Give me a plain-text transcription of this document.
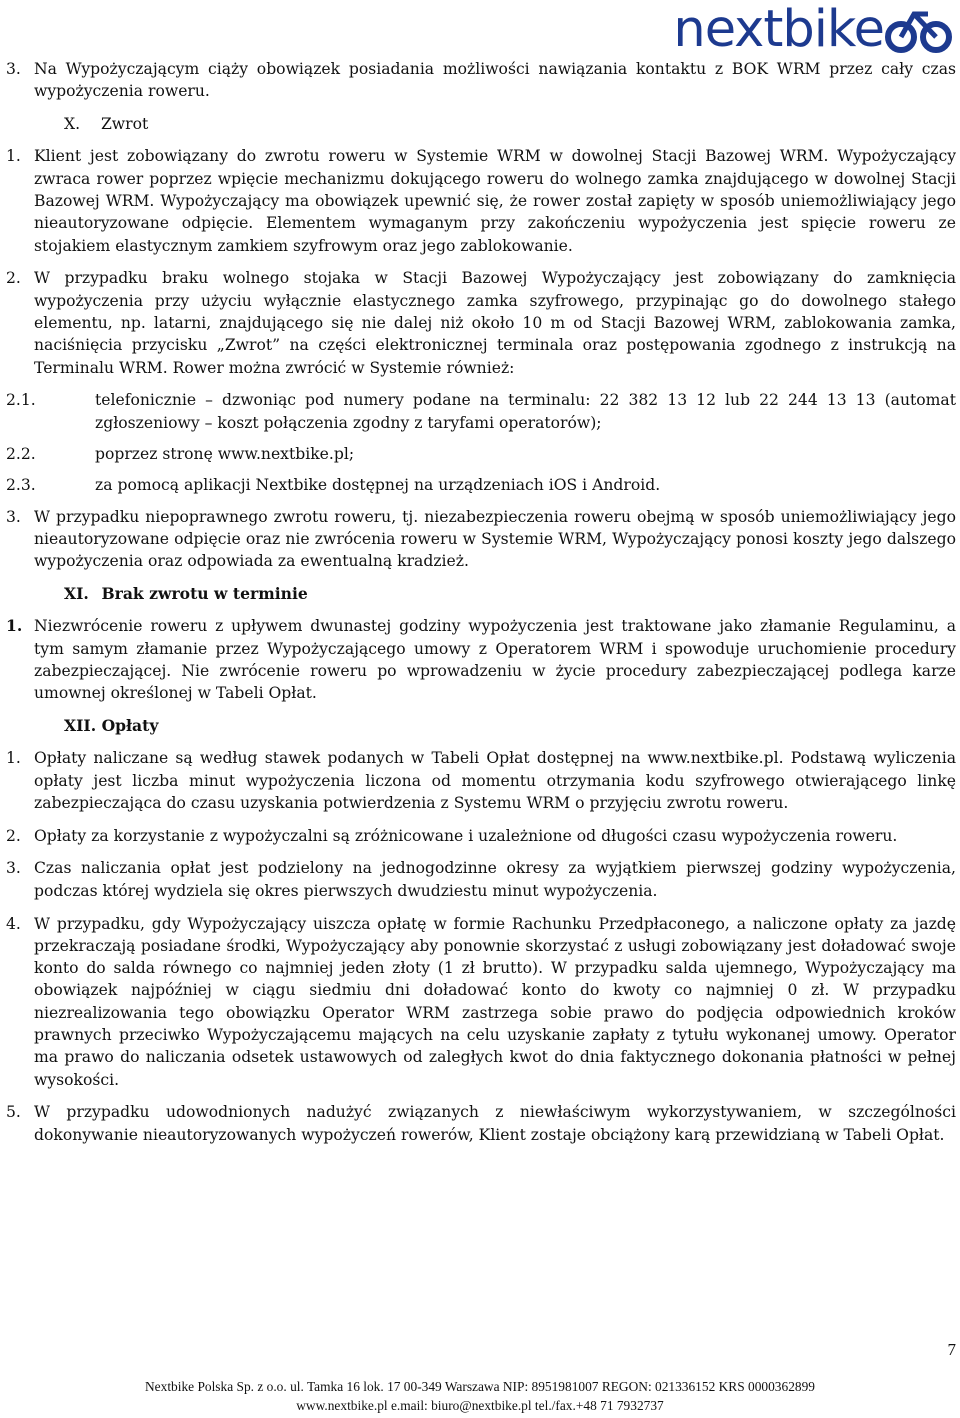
nextbike
3. Na Wypożyczającym ciąży obowiązek posiadania możliwości nawiązania kontaktu z BOK WRM przez cały czas wypożyczenia roweru.
X. Zwrot
1. Klient jest zobowiązany do zwrotu roweru w Systemie WRM w dowolnej Stacji Bazowej WRM. Wypożyczający zwraca rower poprzez wpięcie mechanizmu dokującego roweru do wolnego zamka znajdującego w dowolnej Stacji Bazowej WRM. Wypożyczający ma obowiązek upewnić się, że rower został zapięty w sposób uniemożliwiający jego nieautoryzowane odpięcie. Elementem wymaganym przy zakończeniu wypożyczenia jest spięcie roweru ze stojakiem elastycznym zamkiem szyfrowym oraz jego zablokowanie.
2. W przypadku braku wolnego stojaka w Stacji Bazowej Wypożyczający jest zobowiązany do zamknięcia wypożyczenia przy użyciu wyłącznie elastycznego zamka szyfrowego, przypinając go do dowolnego stałego elementu, np. latarni, znajdującego się nie dalej niż około 10 m od Stacji Bazowej WRM, zablokowania zamka, naciśnięcia przycisku „Zwrot” na części elektronicznej terminala oraz postępowania zgodnego z instrukcją na Terminalu WRM. Rower można zwrócić w Systemie również:
2.1.	telefonicznie – dzwoniąc pod numery podane na terminalu: 22 382 13 12 lub 22 244 13 13 (automat zgłoszeniowy – koszt połączenia zgodny z taryfami operatorów);
2.2.	poprzez stronę www.nextbike.pl;
2.3.	za pomocą aplikacji Nextbike dostępnej na urządzeniach iOS i Android.
3. W przypadku niepoprawnego zwrotu roweru, tj. niezabezpieczenia roweru obejmą w sposób uniemożliwiający jego nieautoryzowane odpięcie oraz nie zwrócenia roweru w Systemie WRM, Wypożyczający ponosi koszty jego dalszego wypożyczenia oraz odpowiada za ewentualną kradzież.
XI. Brak zwrotu w terminie
1. Niezwrócenie roweru z upływem dwunastej godziny wypożyczenia jest traktowane jako złamanie Regulaminu, a tym samym złamanie przez Wypożyczającego umowy z Operatorem WRM i spowoduje uruchomienie procedury zabezpieczającej. Nie zwrócenie roweru po wprowadzeniu w życie procedury zabezpieczającej podlega karze umownej określonej w Tabeli Opłat.
XII. Opłaty
1. Opłaty naliczane są według stawek podanych w Tabeli Opłat dostępnej na www.nextbike.pl. Podstawą wyliczenia opłaty jest liczba minut wypożyczenia liczona od momentu otrzymania kodu szyfrowego otwierającego linkę zabezpieczająca do czasu uzyskania potwierdzenia z Systemu WRM o przyjęciu zwrotu roweru.
2. Opłaty za korzystanie z wypożyczalni są zróżnicowane i uzależnione od długości czasu wypożyczenia roweru.
3. Czas naliczania opłat jest podzielony na jednogodzinne okresy za wyjątkiem pierwszej godziny wypożyczenia, podczas której wydziela się okres pierwszych dwudziestu minut wypożyczenia.
4. W przypadku, gdy Wypożyczający uiszcza opłatę w formie Rachunku Przedpłaconego, a naliczone opłaty za jazdę przekraczają posiadane środki, Wypożyczający aby ponownie skorzystać z usługi zobowiązany jest doładować swoje konto do salda równego co najmniej jeden złoty (1 zł brutto). W przypadku salda ujemnego, Wypożyczający ma obowiązek najpóźniej w ciągu siedmiu dni doładować konto do kwoty co najmniej 0 zł. W przypadku niezrealizowania tego obowiązku Operator WRM zastrzega sobie prawo do podjęcia odpowiednich kroków prawnych przeciwko Wypożyczającemu mających na celu uzyskanie zapłaty z tytułu wykonanej umowy. Operator ma prawo do naliczania odsetek ustawowych od zaległych kwot do dnia faktycznego dokonania płatności w pełnej wysokości.
5. W przypadku udowodnionych nadużyć związanych z niewłaściwym wykorzystywaniem, w szczególności dokonywanie nieautoryzowanych wypożyczeń rowerów, Klient zostaje obciążony karą przewidzianą w Tabeli Opłat.
7
Nextbike Polska Sp. z o.o. ul. Tamka 16 lok. 17 00-349 Warszawa NIP: 8951981007 REGON: 021336152 KRS 0000362899
www.nextbike.pl e.mail: biuro@nextbike.pl tel./fax.+48 71 7932737
